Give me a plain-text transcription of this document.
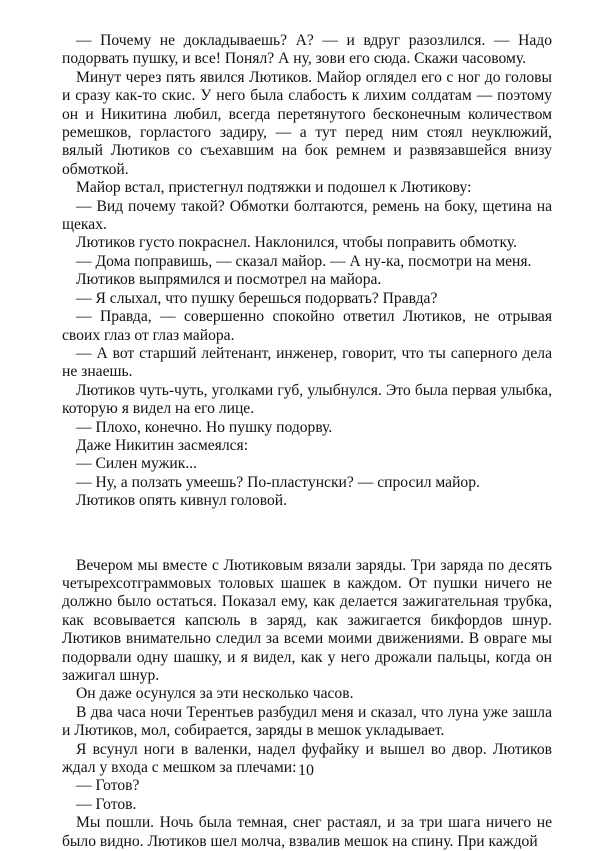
— Почему не докладываешь? А? — и вдруг разозлился. — Надо подорвать пушку, и все! Понял? А ну, зови его сюда. Скажи часовому.

Минут через пять явился Лютиков. Майор оглядел его с ног до головы и сразу как-то скис. У него была слабость к лихим солдатам — поэтому он и Никитина любил, всегда перетянутого бесконечным количеством ремешков, горластого задиру, — а тут перед ним стоял неуклюжий, вялый Лютиков со съехавшим на бок ремнем и развязавшейся внизу обмоткой.

Майор встал, пристегнул подтяжки и подошел к Лютикову:

— Вид почему такой? Обмотки болтаются, ремень на боку, щетина на щеках.

Лютиков густо покраснел. Наклонился, чтобы поправить обмотку.

— Дома поправишь, — сказал майор. — А ну-ка, посмотри на меня.

Лютиков выпрямился и посмотрел на майора.

— Я слыхал, что пушку берешься подорвать? Правда?

— Правда, — совершенно спокойно ответил Лютиков, не отрывая своих глаз от глаз майора.

— А вот старший лейтенант, инженер, говорит, что ты саперного дела не знаешь.

Лютиков чуть-чуть, уголками губ, улыбнулся. Это была первая улыбка, которую я видел на его лице.

— Плохо, конечно. Но пушку подорву.

Даже Никитин засмеялся:

— Силен мужик...

— Ну, а ползать умеешь? По-пластунски? — спросил майор.

Лютиков опять кивнул головой.

Вечером мы вместе с Лютиковым вязали заряды. Три заряда по десять четырехсотграммовых толовых шашек в каждом. От пушки ничего не должно было остаться. Показал ему, как делается зажигательная трубка, как всовывается капсюль в заряд, как зажигается бикфордов шнур. Лютиков внимательно следил за всеми моими движениями. В овраге мы подорвали одну шашку, и я видел, как у него дрожали пальцы, когда он зажигал шнур.

Он даже осунулся за эти несколько часов.

В два часа ночи Терентьев разбудил меня и сказал, что луна уже зашла и Лютиков, мол, собирается, заряды в мешок укладывает.

Я всунул ноги в валенки, надел фуфайку и вышел во двор. Лютиков ждал у входа с мешком за плечами:

— Готов?

— Готов.

Мы пошли. Ночь была темная, снег растаял, и за три шага ничего не было видно. Лютиков шел молча, взвалив мешок на спину. При каждой

10
